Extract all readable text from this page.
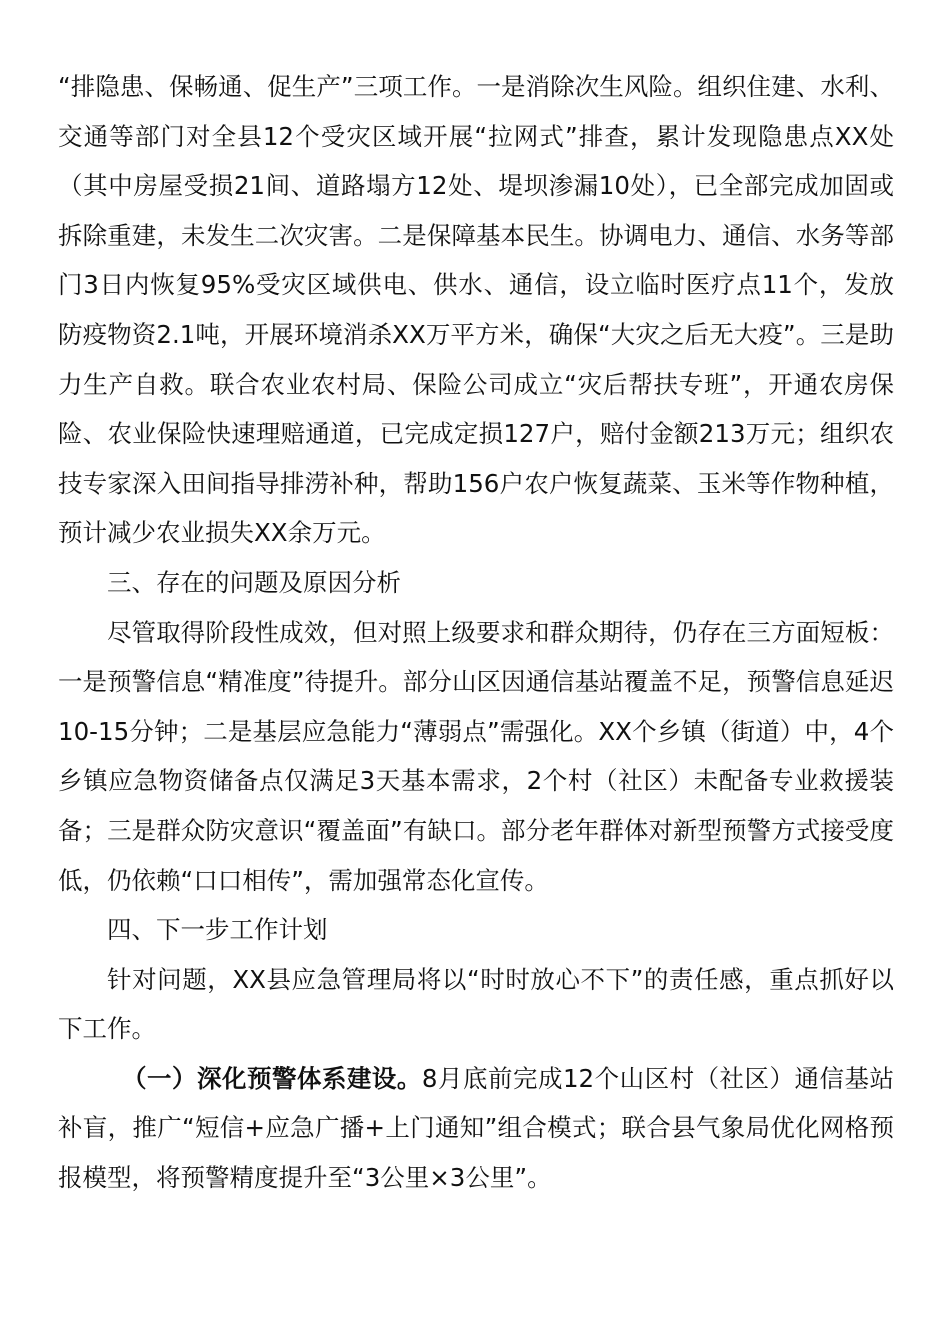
“排隐患、保畅通、促生产”三项工作。一是消除次生风险。组织住建、水利、交通等部门对全县12个受灾区域开展“拉网式”排查，累计发现隐患点XX处（其中房屋受损21间、道路塌方12处、堤坝渗漏10处），已全部完成加固或拆除重建，未发生二次灾害。二是保障基本民生。协调电力、通信、水务等部门3日内恢复95%受灾区域供电、供水、通信，设立临时医疗点11个，发放防疫物资2.1吨，开展环境消杀XX万平方米，确保“大灾之后无大疫”。三是助力生产自救。联合农业农村局、保险公司成立“灾后帮扶专班”，开通农房保险、农业保险快速理赔通道，已完成定损127户，赔付金额213万元；组织农技专家深入田间指导排涝补种，帮助156户农户恢复蔬菜、玉米等作物种植，预计减少农业损失XX余万元。

三、存在的问题及原因分析

尽管取得阶段性成效，但对照上级要求和群众期待，仍存在三方面短板：一是预警信息“精准度”待提升。部分山区因通信基站覆盖不足，预警信息延迟10-15分钟；二是基层应急能力“薄弱点”需强化。XX个乡镇（街道）中，4个乡镇应急物资储备点仅满足3天基本需求，2个村（社区）未配备专业救援装备；三是群众防灾意识“覆盖面”有缺口。部分老年群体对新型预警方式接受度低，仍依赖“口口相传”，需加强常态化宣传。

四、下一步工作计划

针对问题，XX县应急管理局将以“时时放心不下”的责任感，重点抓好以下工作。

（一）深化预警体系建设。8月底前完成12个山区村（社区）通信基站补盲，推广“短信+应急广播+上门通知”组合模式；联合县气象局优化网格预报模型，将预警精度提升至“3公里×3公里”。
